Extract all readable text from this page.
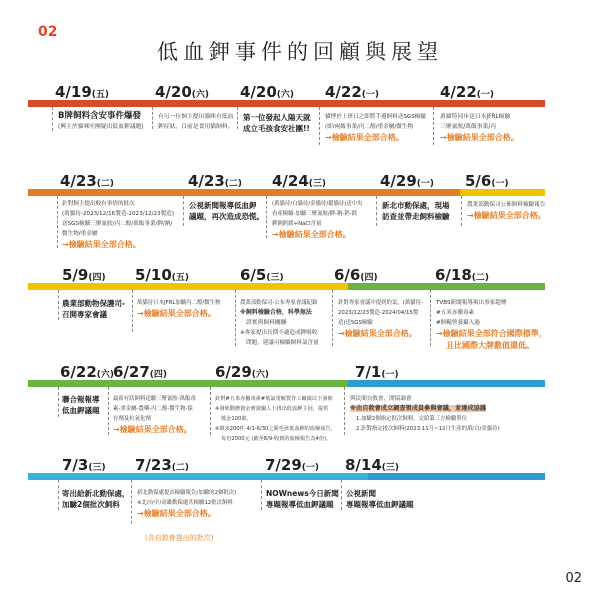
02
低血鉀事件的回顧與展望
4/19(五)	4/20(六) 4/20(六) 4/22(一)	4/22(一)
B牌飼料含安事件爆發
(興主於貓咪吐團疑出低血鉀議題)
有另一位飼主提出貓咪有低血
鉀症狀，目前是食用貓飼料。
第一位發起人陽天就
成立毛孩食安社團!!
貓博於上班日之即將手邊飼料送SGS檢驗
(即/兩飯事業/丙二醇/重金屬/微生物
→檢驗結果全部合格。
萬貓特同步送日本JFRL檢驗
三聚氰胺/萬飯事業/丙
→檢驗結果全部合格。
4/23(二)	4/23(二) 4/24(三)	4/29(一) 5/6(一)
針對飼主提出較有事情的批次
(萬貓待-2023/12/16製造-2023/12/23製造)
送SGS檢驗三聚氰胺/丙二醇/萬飯事業/鉀/鈉/
微生物/重金屬
→檢驗結果全部合格。
公視新聞報導低血鉀
議題，再次造成恐慌。
(萬貓待/白貓待/金貓待/鬆貓待)送中央
看產檢驗-加驗三聚氰胺/鉀-鈉-鈣-鎂
鉀鈉鈣鎂+NaCl含量
→檢驗結果全部合格。
新北市動保處，現場
訪查並帶走飼料檢驗
農業部動保司公佈飼料檢驗報告
→檢驗結果全部合格。
5/9(四) 5/10(五)	6/5(三)	6/6(四)	6/18(二)
農業部動物保護司-
召開專家會議
萬貓待日本JFRL加驗丙二醇/微生物
→檢驗結果全部合格。
農業部動保司-公布專家會議紀錄
※飼料檢驗合格，科學無法
證實與飼料關聯
※專家提出長期不適造成鉀吸收
問題，建議可檢驗飼料氯含量
針對專家會議中提到的氯，(萬貓待-
2023/12/23製造-2024/04/15製
造)送SGS檢驗
→檢驗結果全部合格。
TVBS新聞報導揭出事家超標
#五米赤黴毒素
#飼糧營養攝入過
→檢驗結果全部符合國際標準，
且比國際大牌數值還低。
6/22(六)
6/27(四)	6/29(六)	7/1(一)
聯合報報導
低血鉀議題
最新有狀飼料送驗三聚氰胺-萬飯毒
素-重金屬-農藥-丙二醇-微生物-保
存劑及抗氧化劑
→檢驗結果全部合格。
針對#五米赤黴毒素#低氯電解質作工廠做以下發佈
※發佈動態資金實證關人士找出低血鉀主因，提供
獎金100萬。
※徵求200件 4/1-6/30之間毛孩低血鉀的血檢報告，
每份2000元 (截至8/9-收到的血檢報告為4份)。
與民間自救會，開協調會
※由自救會成立調查領成員參與會議，並達成協議
1.加驗2個指定批次飼料，交給第三方檢驗單位
2.針對指定批次飼料(2023.11月~12月生產的萬/白/金貓待)
7/3(三) 7/23(二)	7/29(一) 8/14(三)
寄出給新北動保處，
加驗2個批次飼料
新北動保處提出檢驗報告(加驗的2個批次)
※北/台中/高雄動保處共檢驗12批次飼料
→檢驗結果全部合格。
(含自救會提出的批次)
NOWnews今日新聞
專題報導低血鉀議題
公視新聞
專題報導低血鉀議題
02
